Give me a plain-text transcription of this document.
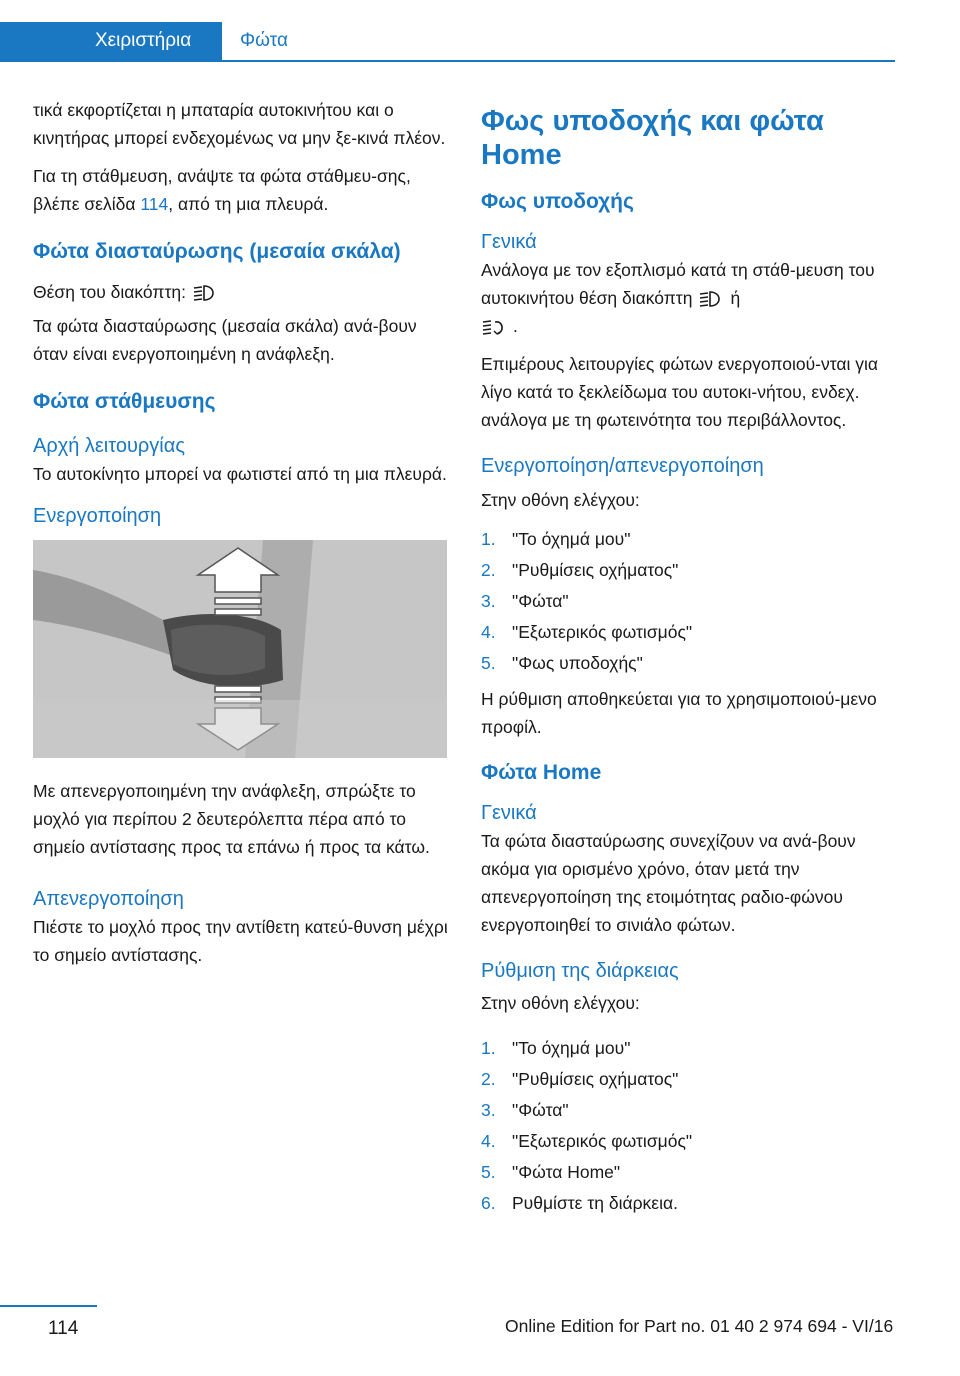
Χειριστήρια	Φώτα

τικά εκφορτίζεται η μπαταρία αυτοκινήτου και ο κινητήρας μπορεί ενδεχομένως να μην ξε-κινά πλέον.

Για τη στάθμευση, ανάψτε τα φώτα στάθμευ-σης, βλέπε σελίδα 114, από τη μια πλευρά.

Φώτα διασταύρωσης (μεσαία σκάλα)

Θέση του διακόπτη:

Τα φώτα διασταύρωσης (μεσαία σκάλα) ανά-βουν όταν είναι ενεργοποιημένη η ανάφλεξη.

Φώτα στάθμευσης
Αρχή λειτουργίας

Το αυτοκίνητο μπορεί να φωτιστεί από τη μια πλευρά.

Ενεργοποίηση

Με απενεργοποιημένη την ανάφλεξη, σπρώξτε το μοχλό για περίπου 2 δευτερόλεπτα πέρα από το σημείο αντίστασης προς τα επάνω ή προς τα κάτω.

Απενεργοποίηση

Πιέστε το μοχλό προς την αντίθετη κατεύ-θυνση μέχρι το σημείο αντίστασης.

Φως υποδοχής και φώτα Home
Φως υποδοχής
Γενικά

Ανάλογα με τον εξοπλισμό κατά τη στάθ-μευση του αυτοκινήτου θέση διακόπτη ή
.

Επιμέρους λειτουργίες φώτων ενεργοποιού-νται για λίγο κατά το ξεκλείδωμα του αυτοκι-νήτου, ενδεχ. ανάλογα με τη φωτεινότητα του περιβάλλοντος.

Ενεργοποίηση/απενεργοποίηση

Στην οθόνη ελέγχου:

1. "Το όχημά μου"
2. "Ρυθμίσεις οχήματος"
3. "Φώτα"
4. "Εξωτερικός φωτισμός"
5. "Φως υποδοχής"

Η ρύθμιση αποθηκεύεται για το χρησιμοποιού-μενο προφίλ.

Φώτα Home
Γενικά

Τα φώτα διασταύρωσης συνεχίζουν να ανά-βουν ακόμα για ορισμένο χρόνο, όταν μετά την απενεργοποίηση της ετοιμότητας ραδιο-φώνου ενεργοποιηθεί το σινιάλο φώτων.

Ρύθμιση της διάρκειας

Στην οθόνη ελέγχου:

1. "Το όχημά μου"
2. "Ρυθμίσεις οχήματος"
3. "Φώτα"
4. "Εξωτερικός φωτισμός"
5. "Φώτα Home"
6. Ρυθμίστε τη διάρκεια.
114	Online Edition for Part no. 01 40 2 974 694 - VI/16
